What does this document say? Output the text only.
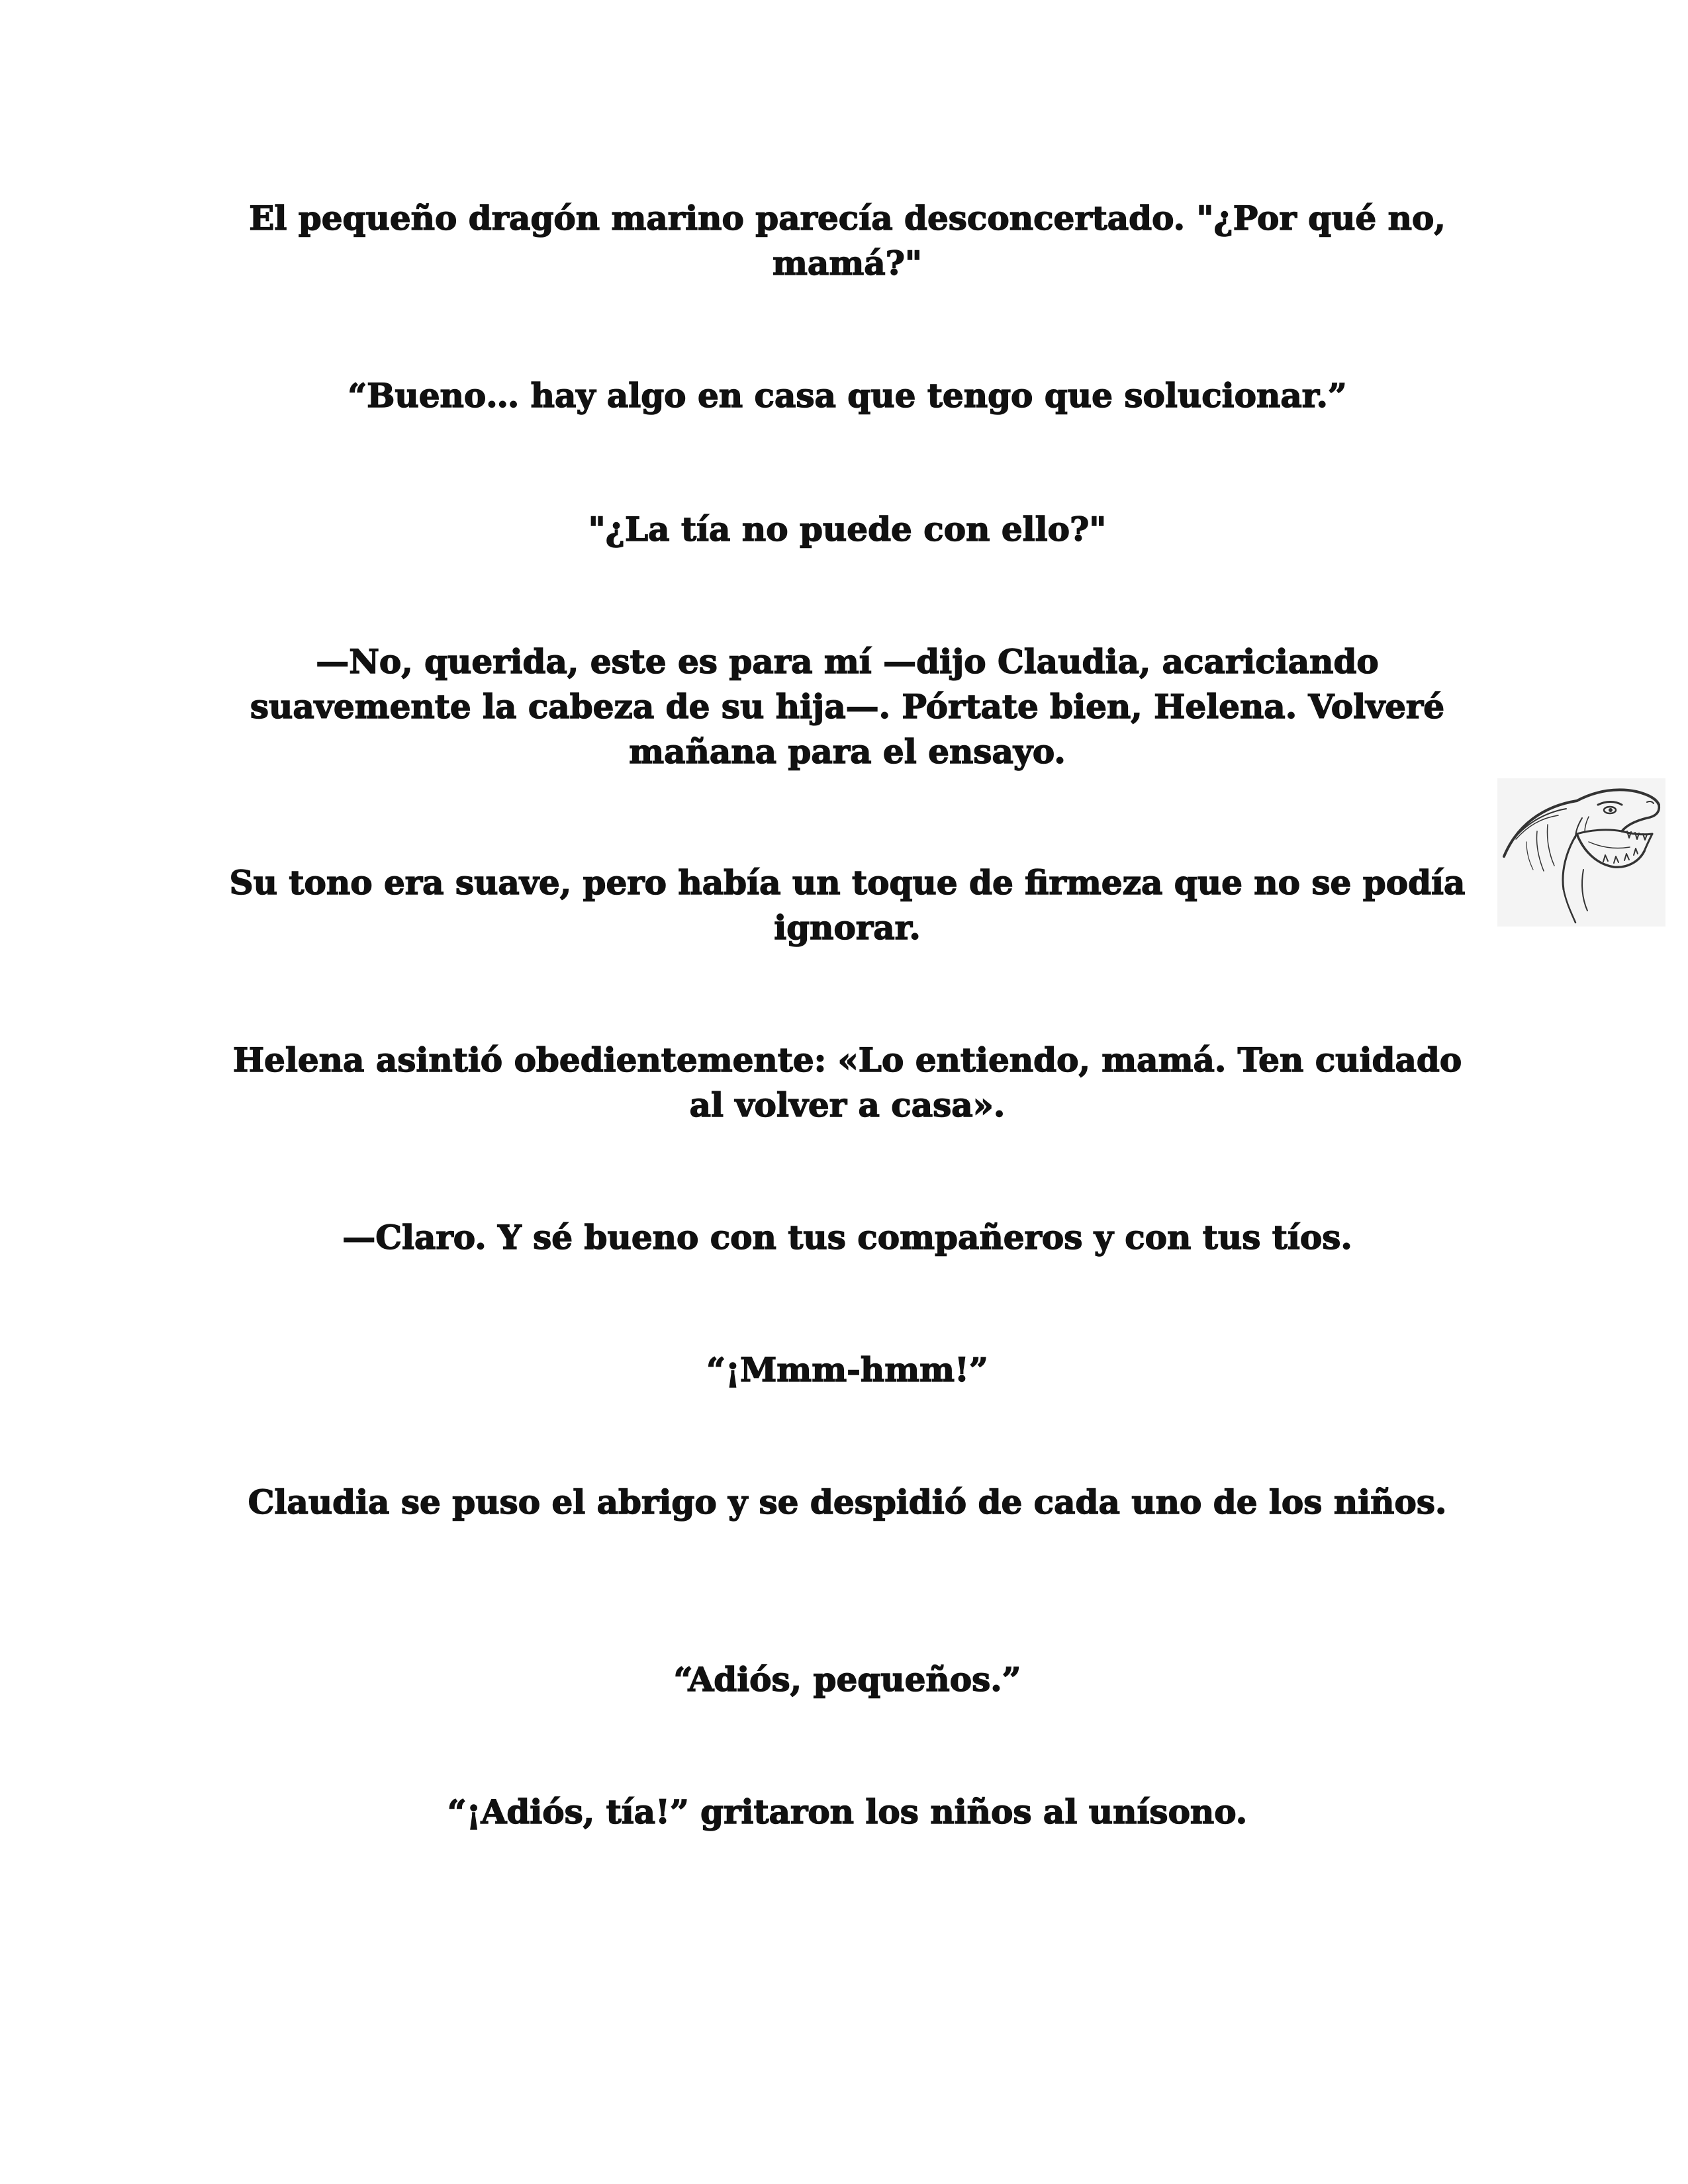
El pequeño dragón marino parecía desconcertado. "¿Por qué no, mamá?"

“Bueno… hay algo en casa que tengo que solucionar.”

"¿La tía no puede con ello?"

—No, querida, este es para mí —dijo Claudia, acariciando suavemente la cabeza de su hija—. Pórtate bien, Helena. Volveré mañana para el ensayo.

Su tono era suave, pero había un toque de firmeza que no se podía ignorar.

Helena asintió obedientemente: «Lo entiendo, mamá. Ten cuidado al volver a casa».

—Claro. Y sé bueno con tus compañeros y con tus tíos.

“¡Mmm-hmm!”

Claudia se puso el abrigo y se despidió de cada uno de los niños.

“Adiós, pequeños.”

“¡Adiós, tía!” gritaron los niños al unísono.
